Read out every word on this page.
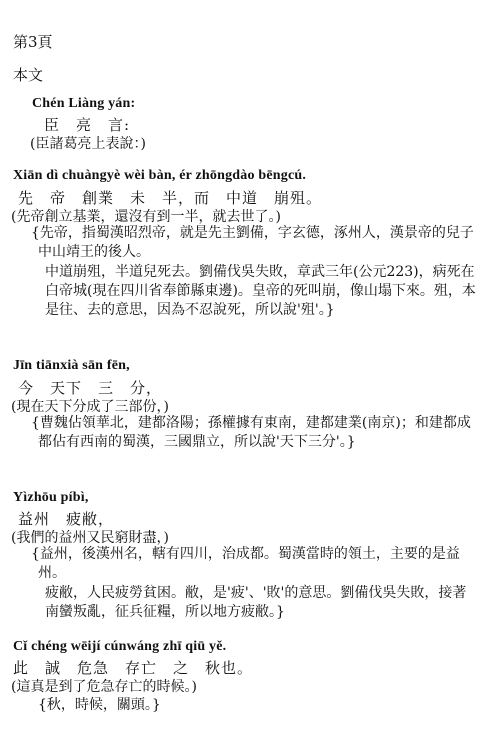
第3頁
本文
Chén Liàng yán:
臣　亮　言:
(臣諸葛亮上表說：)
Xiān dì chuàngyè wèi bàn, ér zhōngdào bēngcú.
先　帝　創業　未　半，而　中道　崩殂。
(先帝創立基業，還沒有到一半，就去世了。)
{先帝，指蜀漢昭烈帝，就是先主劉備，字玄德，涿州人，漢景帝的兒子中山靖王的後人。
中道崩殂，半道兒死去。劉備伐吳失敗，章武三年(公元223)，病死在白帝城(現在四川省奉節縣東邊)。皇帝的死叫崩，像山塌下來。殂，本是往、去的意思，因為不忍說死，所以說'殂'。}
Jīn tiānxià sān fēn,
今　天下　三　分，
(現在天下分成了三部份，)
{曹魏佔領華北，建都洛陽；孫權據有東南，建都建業(南京)；和建都成都佔有西南的蜀漢，三國鼎立，所以說'天下三分'。}
Yìzhōu píbì,
益州　疲敝，
(我們的益州又民窮財盡，)
{益州，後漢州名，轄有四川，治成都。蜀漢當時的領土，主要的是益州。
疲敝，人民疲勞貧困。敝，是'疲'、'敗'的意思。劉備伐吳失敗，接著南蠻叛亂，征兵征糧，所以地方疲敝。}
Cǐ chéng wēijí cúnwáng zhī qiū yě.
此　誠　危急　存亡　之　秋也。
(這真是到了危急存亡的時候。)
{秋，時候，關頭。}
